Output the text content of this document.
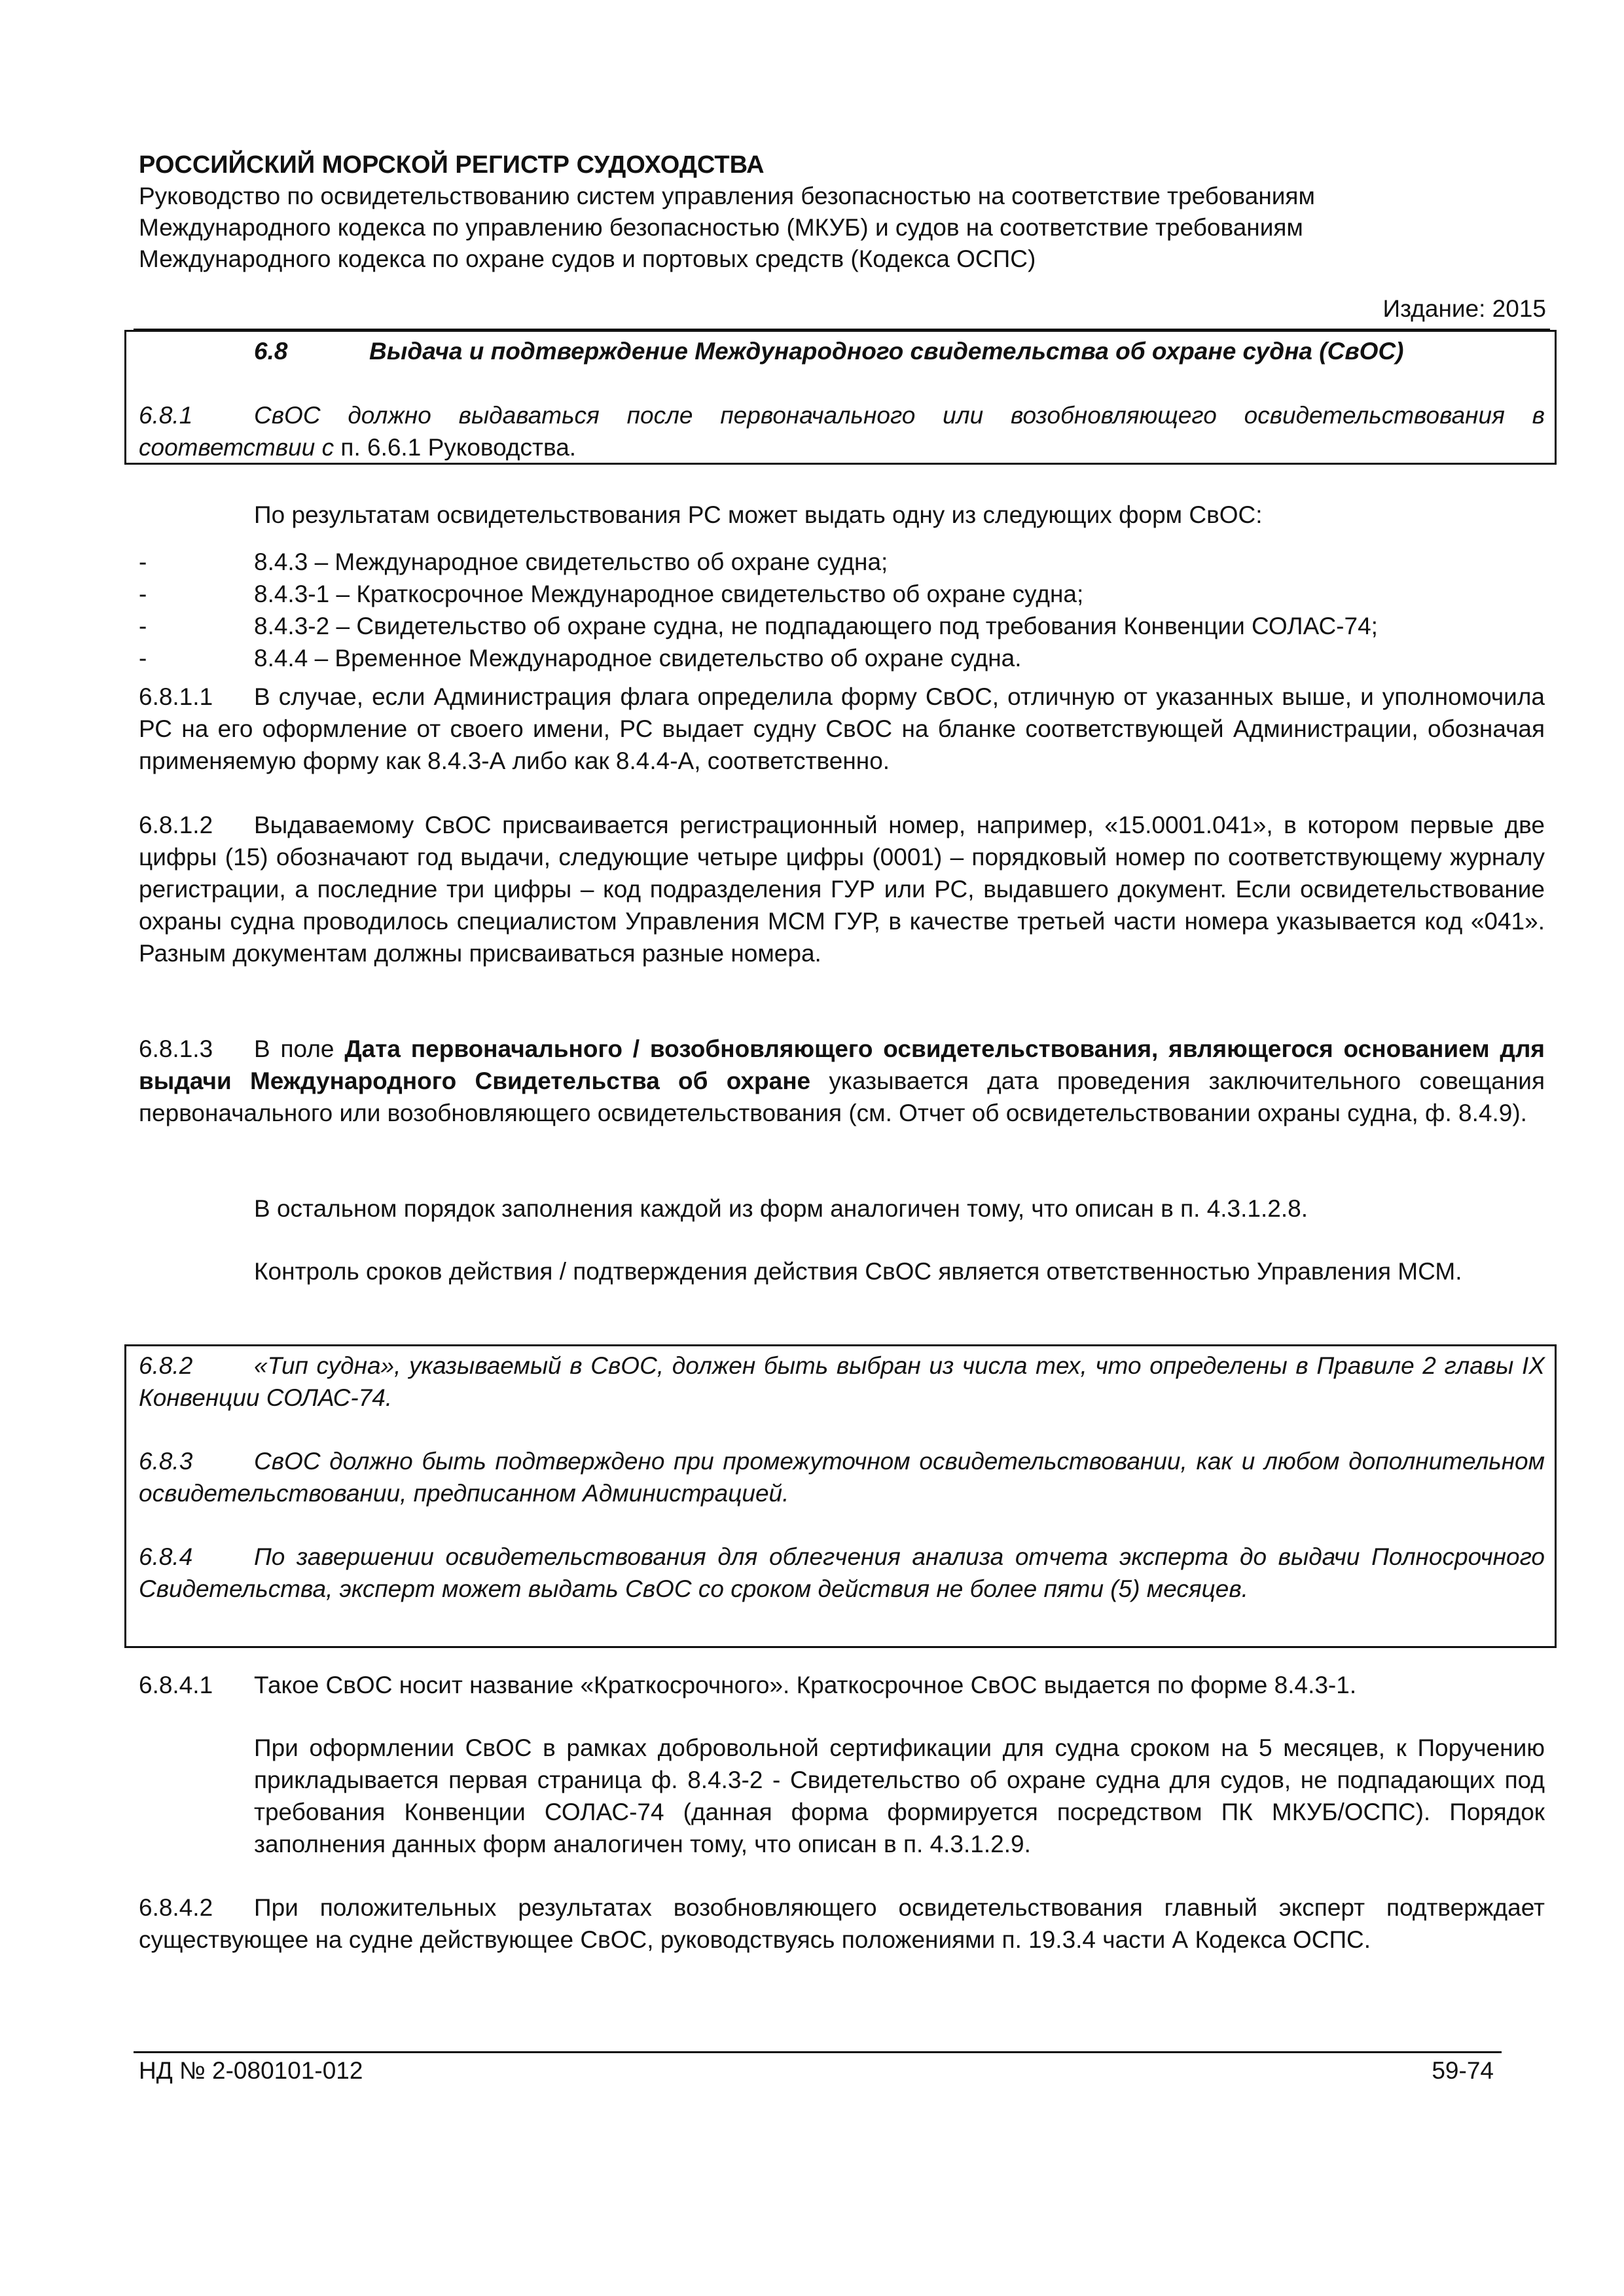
РОССИЙСКИЙ МОРСКОЙ РЕГИСТР СУДОХОДСТВА

Руководство по освидетельствованию систем управления безопасностью на соответствие требованиям

Международного кодекса по управлению безопасностью (МКУБ) и судов на соответствие требованиям

Международного кодекса по охране судов и портовых средств (Кодекса ОСПС)

Издание: 2015

6.8	Выдача и подтверждение Международного свидетельства об охране судна (СвОС)

6.8.1	СвОС должно выдаваться после первоначального или возобновляющего освидетельствования в соответствии с п. 6.6.1 Руководства.

По результатам освидетельствования РС может выдать одну из следующих форм СвОС:

-	8.4.3 – Международное свидетельство об охране судна;
-	8.4.3-1 – Краткосрочное Международное свидетельство об охране судна;
-	8.4.3-2 – Свидетельство об охране судна, не подпадающего под требования Конвенции СОЛАС-74;
-	8.4.4 – Временное Международное свидетельство об охране судна.

6.8.1.1 В случае, если Администрация флага определила форму СвОС, отличную от указанных выше, и уполномочила РС на его оформление от своего имени, РС выдает судну СвОС на бланке соответствующей Администрации, обозначая применяемую форму как 8.4.3-А либо как 8.4.4-А, соответственно.

6.8.1.2 Выдаваемому СвОС присваивается регистрационный номер, например, «15.0001.041», в котором первые две цифры (15) обозначают год выдачи, следующие четыре цифры (0001) – порядковый номер по соответствующему журналу регистрации, а последние три цифры – код подразделения ГУР или РС, выдавшего документ. Если освидетельствование охраны судна проводилось специалистом Управления МСМ ГУР, в качестве третьей части номера указывается код «041». Разным документам должны присваиваться разные номера.

6.8.1.3 В поле Дата первоначального / возобновляющего освидетельствования, являющегося основанием для выдачи Международного Свидетельства об охране указывается дата проведения заключительного совещания первоначального или возобновляющего освидетельствования (см. Отчет об освидетельствовании охраны судна, ф. 8.4.9).

В остальном порядок заполнения каждой из форм аналогичен тому, что описан в п. 4.3.1.2.8.

Контроль сроков действия / подтверждения действия СвОС является ответственностью Управления МСМ.

6.8.2	«Тип судна», указываемый в СвОС, должен быть выбран из числа тех, что определены в Правиле 2 главы IX Конвенции СОЛАС-74.

6.8.3	СвОС должно быть подтверждено при промежуточном освидетельствовании, как и любом дополнительном освидетельствовании, предписанном Администрацией.

6.8.4	По завершении освидетельствования для облегчения анализа отчета эксперта до выдачи Полносрочного Свидетельства, эксперт может выдать СвОС со сроком действия не более пяти (5) месяцев.

6.8.4.1 Такое СвОС носит название «Краткосрочного». Краткосрочное СвОС выдается по форме 8.4.3-1.

При оформлении СвОС в рамках добровольной сертификации для судна сроком на 5 месяцев, к Поручению прикладывается первая страница ф. 8.4.3-2 - Свидетельство об охране судна для судов, не подпадающих под требования Конвенции СОЛАС-74 (данная форма формируется посредством ПК МКУБ/ОСПС). Порядок заполнения данных форм аналогичен тому, что описан в п. 4.3.1.2.9.

6.8.4.2 При положительных результатах возобновляющего освидетельствования главный эксперт подтверждает существующее на судне действующее СвОС, руководствуясь положениями п. 19.3.4 части А Кодекса ОСПС.

НД № 2-080101-012	59-74
